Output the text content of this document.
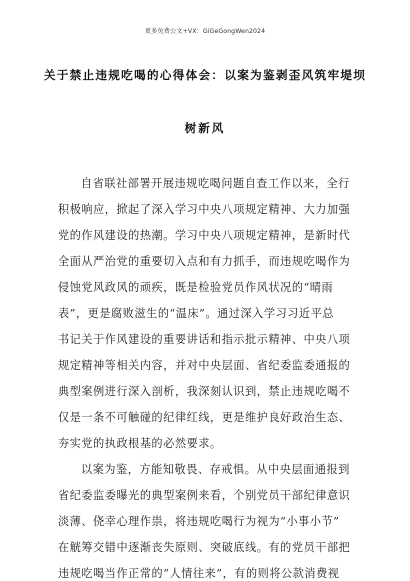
更多免费公文+VX：GiGeGongWen2024
关于禁止违规吃喝的心得体会：以案为鉴剥歪风筑牢堤坝
树新风
自省联社部署开展违规吃喝问题自查工作以来，全行
积极响应，掀起了深入学习中央八项规定精神、大力加强
党的作风建设的热潮。学习中央八项规定精神，是新时代
全面从严治党的重要切入点和有力抓手，而违规吃喝作为
侵蚀党风政风的顽疾，既是检验党员作风状况的“晴雨
表”，更是腐败滋生的“温床”。通过深入学习习近平总
书记关于作风建设的重要讲话和指示批示精神、中央八项
规定精神等相关内容，并对中央层面、省纪委监委通报的
典型案例进行深入剖析，我深刻认识到，禁止违规吃喝不
仅是一条不可触碰的纪律红线，更是维护良好政治生态、
夯实党的执政根基的必然要求。
以案为鉴，方能知敬畏、存戒惧。从中央层面通报到
省纪委监委曝光的典型案例来看，个别党员干部纪律意识
淡薄、侥幸心理作祟，将违规吃喝行为视为“小事小节”
在觥筹交错中逐渐丧失原则、突破底线。有的党员干部把
违规吃喝当作正常的“人情往来”，有的则将公款消费视
